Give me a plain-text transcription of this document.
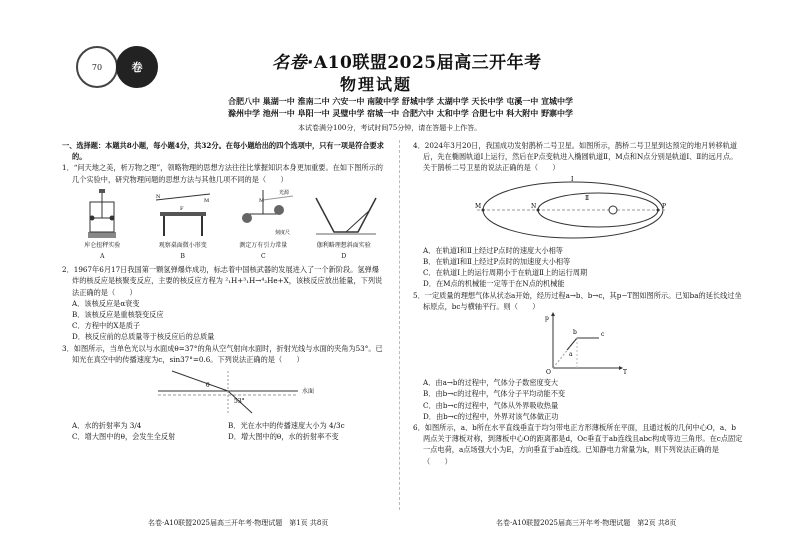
70	卷	名卷·A10联盟2025届高三开年考
物理试题
合肥八中 巢湖一中 淮南二中 六安一中 南陵中学 舒城中学 太湖中学 天长中学 屯溪一中 宣城中学
滁州中学 池州一中 阜阳一中 灵璧中学 宿城一中 合肥六中 太和中学 合肥七中 科大附中 野寨中学
本试卷满分100分，考试时间75分钟，请在答题卡上作答。

一、选择题：本题共8小题，每小题4分，共32分。在每小题给出的四个选项中，只有一项是符合要求的。

1．“问天地之美，析万物之理”，领略物理的思想方法往往比掌握知识本身更加重要。在如下图所示的几个实验中，研究物理问题的思想方法与其他几项不同的是（　　）

库仑扭秤实验
A
N
M
F
观察桌面微小形变
B
光源
刻度尺
M
测定万有引力常量
C
伽利略理想斜面实验
D

2．1967年6月17日我国第一颗氢弹爆炸成功，标志着中国核武器的发展进入了一个新阶段。氢弹爆炸的核反应是核聚变反应，主要的核反应方程为 ²₁H+³₁H→⁴₂He+X，该核反应放出能量，下列说法正确的是（　　）

A．该核反应是α衰变

B．该核反应是重核裂变反应

C．方程中的X是质子

D．核反应前的总质量等于核反应后的总质量

3．如图所示，当单色光以与水面成θ=37°的角从空气射向水面时，折射光线与水面的夹角为53°。已知光在真空中的传播速度为c，sin37°=0.6。下列说法正确的是（　　）

θ
53°
水面
A．水的折射率为 3/4	B．光在水中的传播速度大小为 4/3c
C．增大图中的θ，会发生全反射	D．增大图中的θ，水的折射率不变

4．2024年3月20日，我国成功发射鹊桥二号卫星。如图所示，鹊桥二号卫星到达预定的地月转移轨道后，先在椭圆轨道Ⅰ上运行，然后在P点变轨进入椭圆轨道Ⅱ，M点和N点分别是轨道Ⅰ、Ⅱ的远月点。关于鹊桥二号卫星的说法正确的是（　　）

M	N	P
Ⅰ
Ⅱ

A．在轨道Ⅰ和Ⅱ上经过P点时的速度大小相等

B．在轨道Ⅰ和Ⅱ上经过P点时的加速度大小相等

C．在轨道Ⅰ上的运行周期小于在轨道Ⅱ上的运行周期

D．在M点的机械能一定等于在N点的机械能

5．一定质量的理想气体从状态a开始，经历过程a→b、b→c，其p−T图如图所示。已知ba的延长线过坐标原点，bc与横轴平行。则（　　）

p
T
O
a
b	c

A．由a→b的过程中，气体分子数密度变大

B．由b→c的过程中，气体分子平均动能不变

C．由b→c的过程中，气体从外界吸收热量

D．由b→c的过程中，外界对该气体做正功

6．如图所示，a、b所在水平直线垂直于均匀带电正方形薄板所在平面，且通过板的几何中心O，a、b两点关于薄板对称，到薄板中心O的距离都是d，Oc垂直于ab连线且abc构成等边三角形。在c点固定一点电荷，a点场强大小为E，方向垂直于ab连线。已知静电力常量为k，则下列说法正确的是（　　）

名卷·A10联盟2025届高三开年考·物理试题　第1页 共8页	名卷·A10联盟2025届高三开年考·物理试题　第2页 共8页
